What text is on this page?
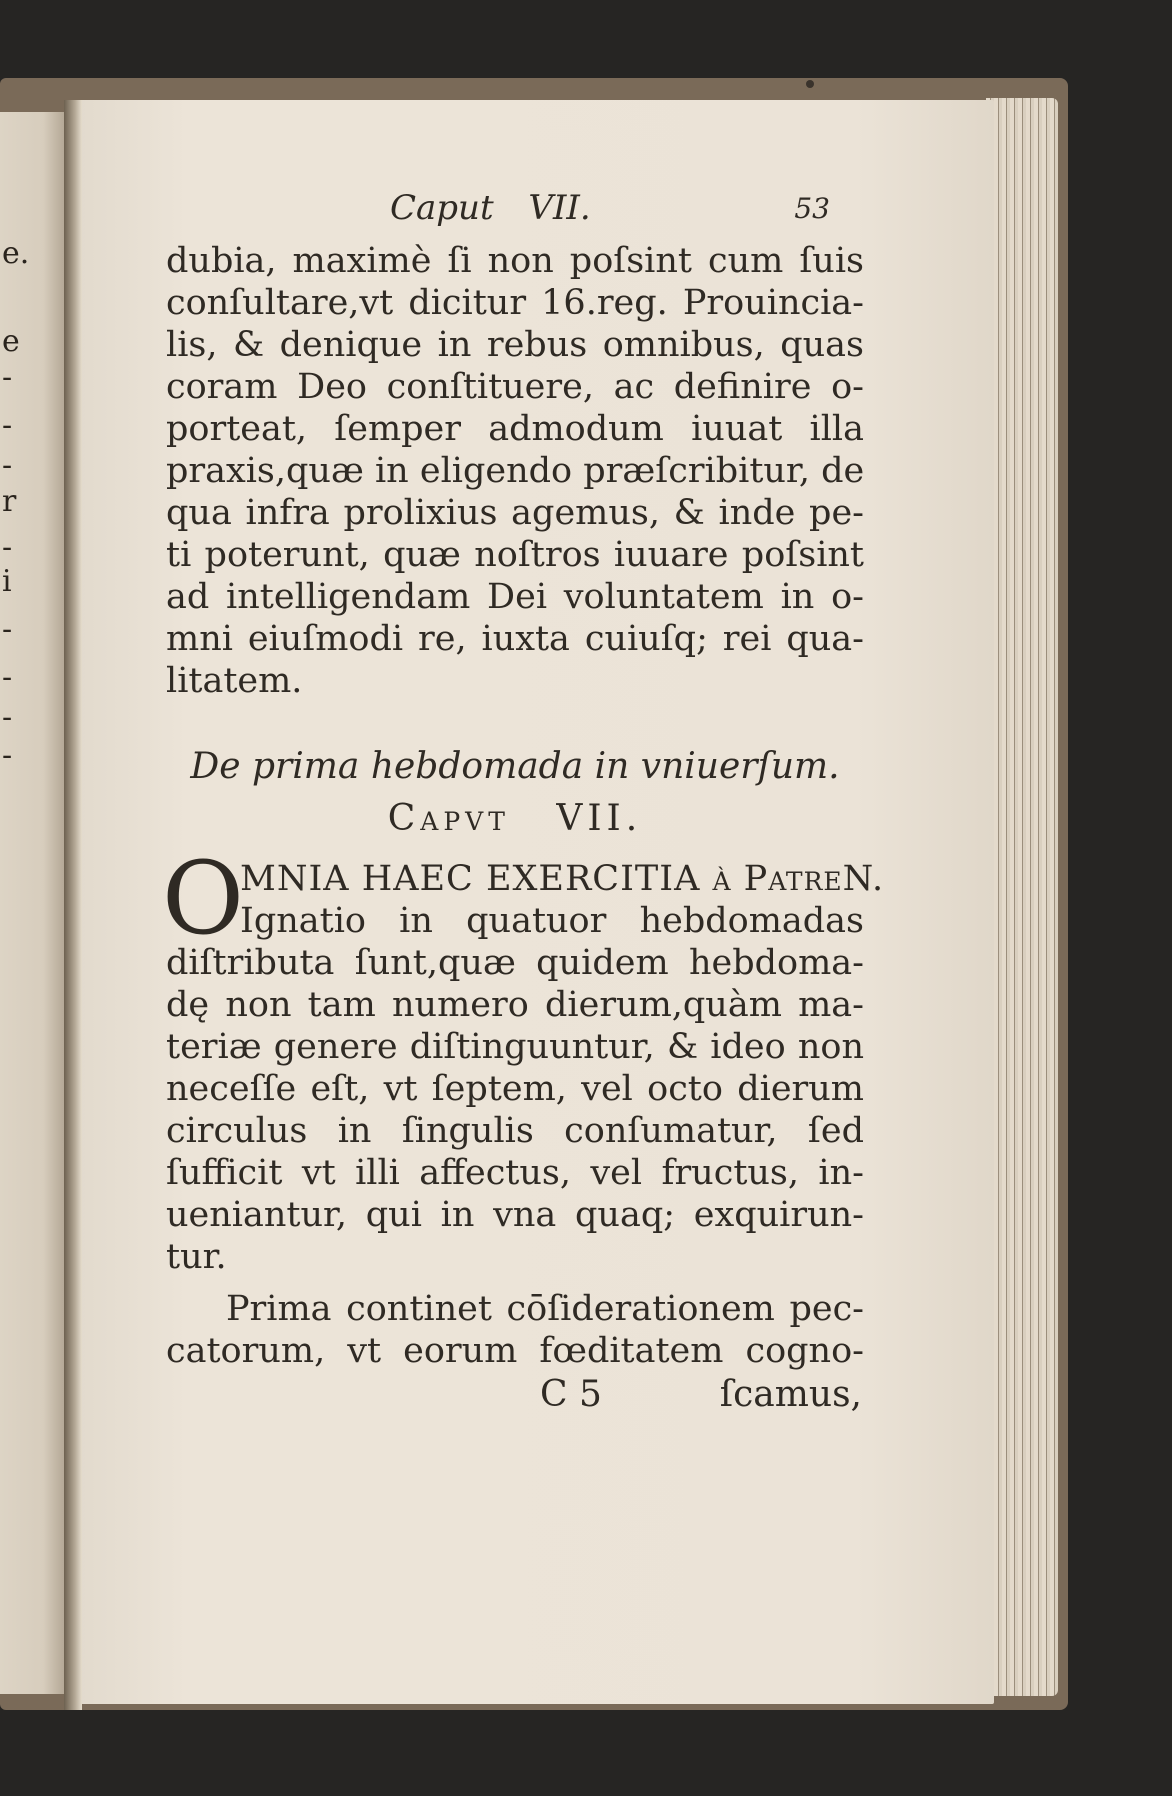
e.
e
-
-
-
r
-
i
-
-
-
-
Caput VII.	53
dubia, maximè ſi non poſsint cum ſuis
conſultare,vt dicitur 16.reg. Prouincia-
lis, & denique in rebus omnibus, quas
coram Deo conſtituere, ac definire o-
porteat, ſemper admodum iuuat illa
praxis,quæ in eligendo præſcribitur, de
qua infra prolixius agemus, & inde pe-
ti poterunt, quæ noſtros iuuare poſsint
ad intelligendam Dei voluntatem in o-
mni eiuſmodi re, iuxta cuiuſq; rei qua-
litatem.
De prima hebdomada in vniuerſum.
Capvt VII.
O
MNIA HAEC EXERCITIA à PatreN.
Ignatio in quatuor hebdomadas
diſtributa ſunt,quæ quidem hebdoma-
dę non tam numero dierum,quàm ma-
teriæ genere diſtinguuntur, & ideo non
neceſſe eſt, vt ſeptem, vel octo dierum
circulus in ſingulis conſumatur, ſed
ſufficit vt illi affectus, vel fructus, in-
ueniantur, qui in vna quaq; exquirun-
tur.
Prima continet cōſiderationem pec-
catorum, vt eorum fœditatem cogno-
C 5	ſcamus,
